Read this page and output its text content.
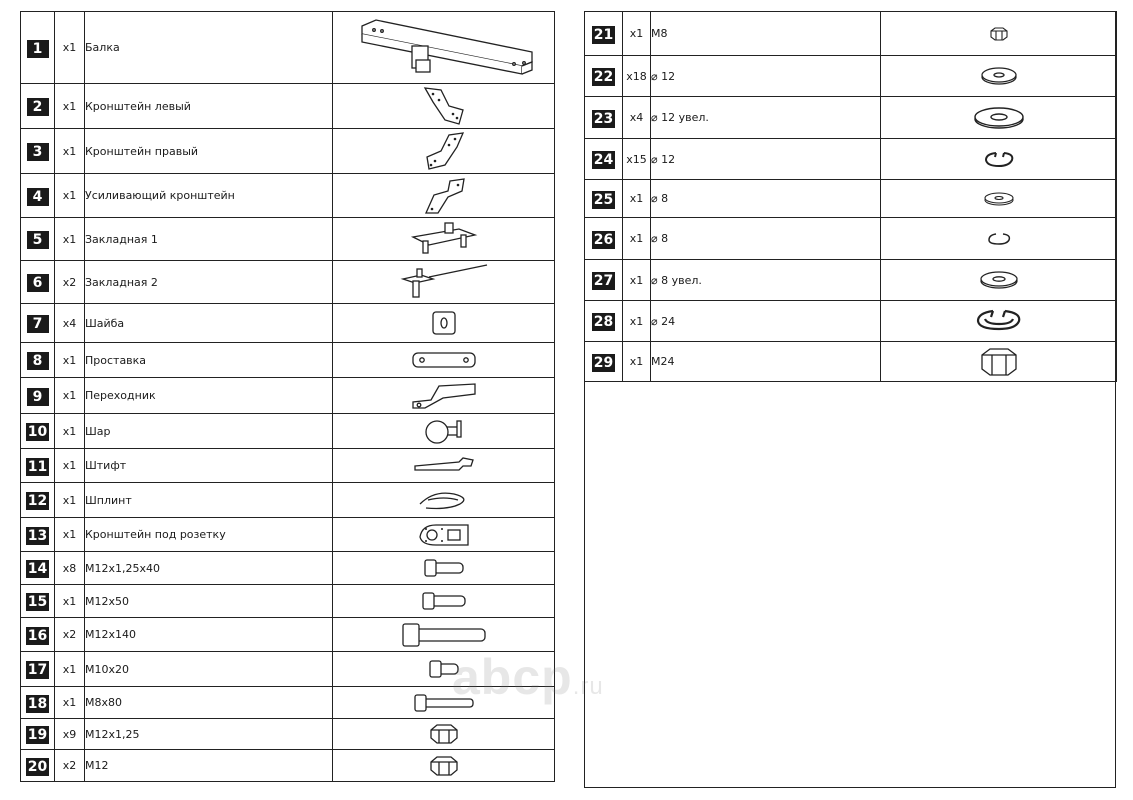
1	x1	Балка	

2	x1	Кронштейн левый	

3	x1	Кронштейн правый	

4	x1	Усиливающий кронштейн	

5	x1	Закладная 1	

6	x2	Закладная 2	

7	x4	Шайба	

8	x1	Проставка	

9	x1	Переходник	

10	x1	Шар	

11	x1	Штифт	

12	x1	Шплинт	

13	x1	Кронштейн под розетку	

14	x8	M12x1,25x40	

15	x1	M12x50	

16	x2	M12x140	

17	x1	M10x20	

18	x1	M8x80	

19	x9	M12x1,25	

20	x2	M12	
21	x1	M8	

22	x18	⌀ 12	

23	x4	⌀ 12 увел.	

24	x15	⌀ 12	

25	x1	⌀ 8	

26	x1	⌀ 8	

27	x1	⌀ 8 увел.	

28	x1	⌀ 24	

29	x1	M24	
abcp.ru
